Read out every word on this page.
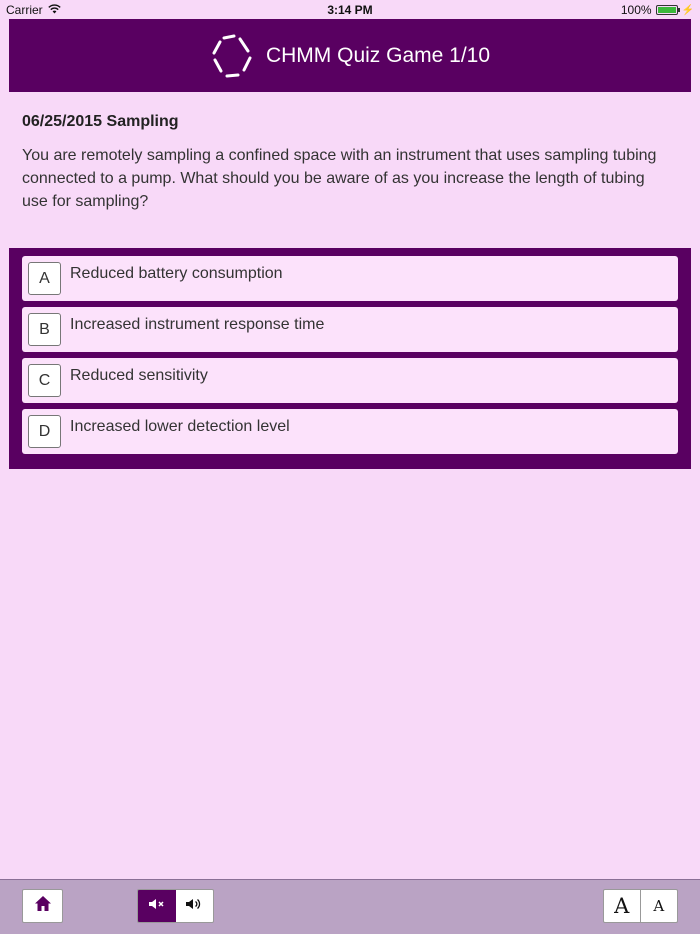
Carrier	3:14 PM	100%	⚡
CHMM Quiz Game 1/10
06/25/2015 Sampling
You are remotely sampling a confined space with an instrument that uses sampling tubing connected to a pump. What should you be aware of as you increase the length of tubing use for sampling?
A	Reduced battery consumption
B	Increased instrument response time
C	Reduced sensitivity
D	Increased lower detection level
A	A
